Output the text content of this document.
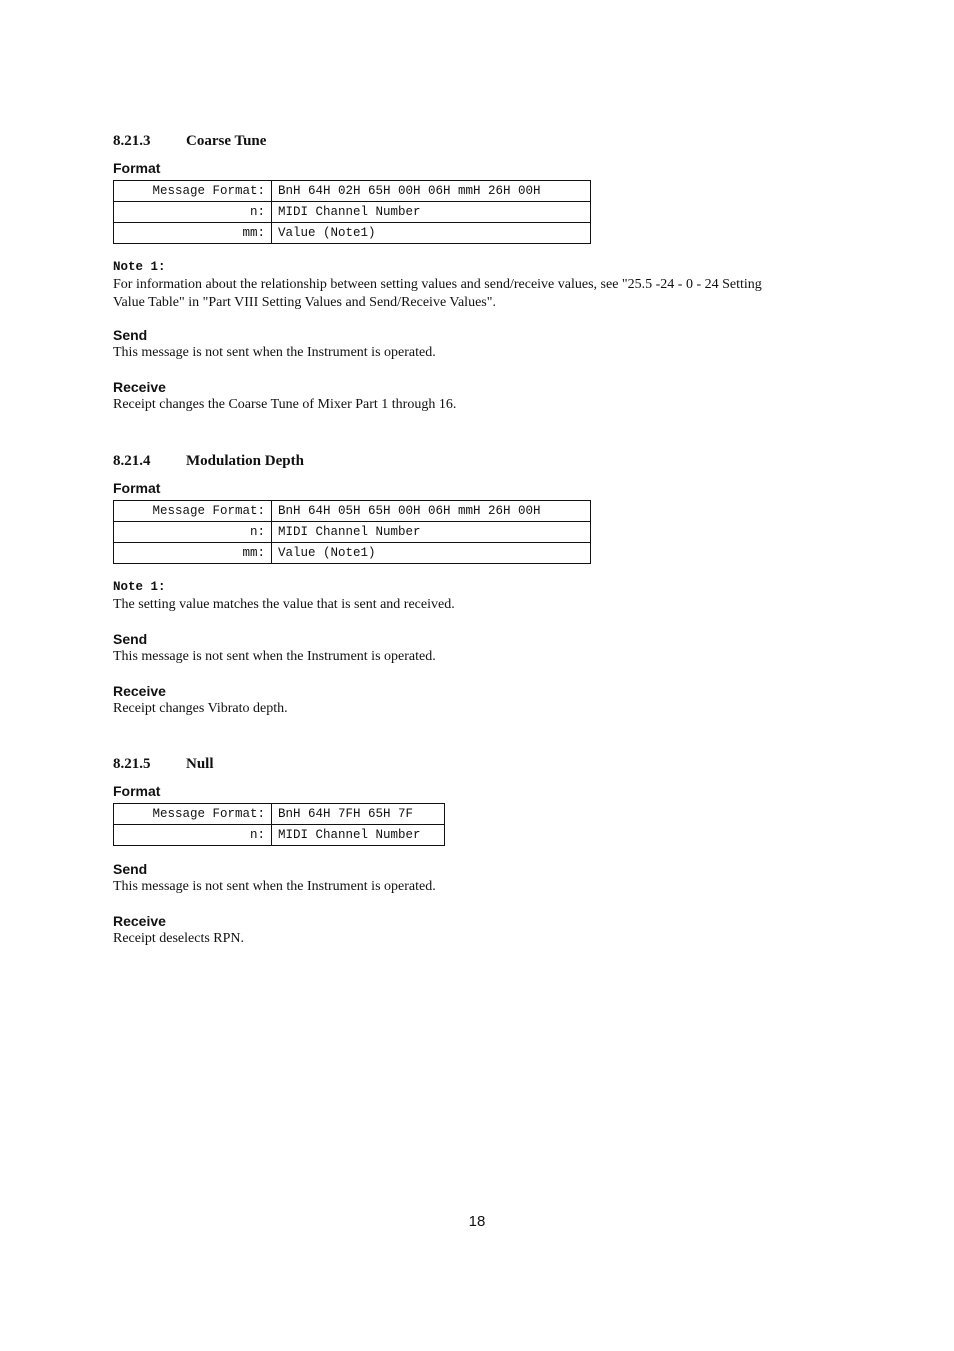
8.21.3 Coarse Tune
Format
Message Format:	BnH 64H 02H 65H 00H 06H mmH 26H 00H
n:	MIDI Channel Number
mm:	Value (Note1)
Note 1:

For information about the relationship between setting values and send/receive values, see "25.5 -24 - 0 - 24 Setting Value Table" in "Part VIII Setting Values and Send/Receive Values".

Send

This message is not sent when the Instrument is operated.

Receive

Receipt changes the Coarse Tune of Mixer Part 1 through 16.

8.21.4 Modulation Depth
Format
Message Format:	BnH 64H 05H 65H 00H 06H mmH 26H 00H
n:	MIDI Channel Number
mm:	Value (Note1)
Note 1:

The setting value matches the value that is sent and received.

Send

This message is not sent when the Instrument is operated.

Receive

Receipt changes Vibrato depth.

8.21.5 Null
Format
Message Format:	BnH 64H 7FH 65H 7F
n:	MIDI Channel Number
Send

This message is not sent when the Instrument is operated.

Receive

Receipt deselects RPN.

18
